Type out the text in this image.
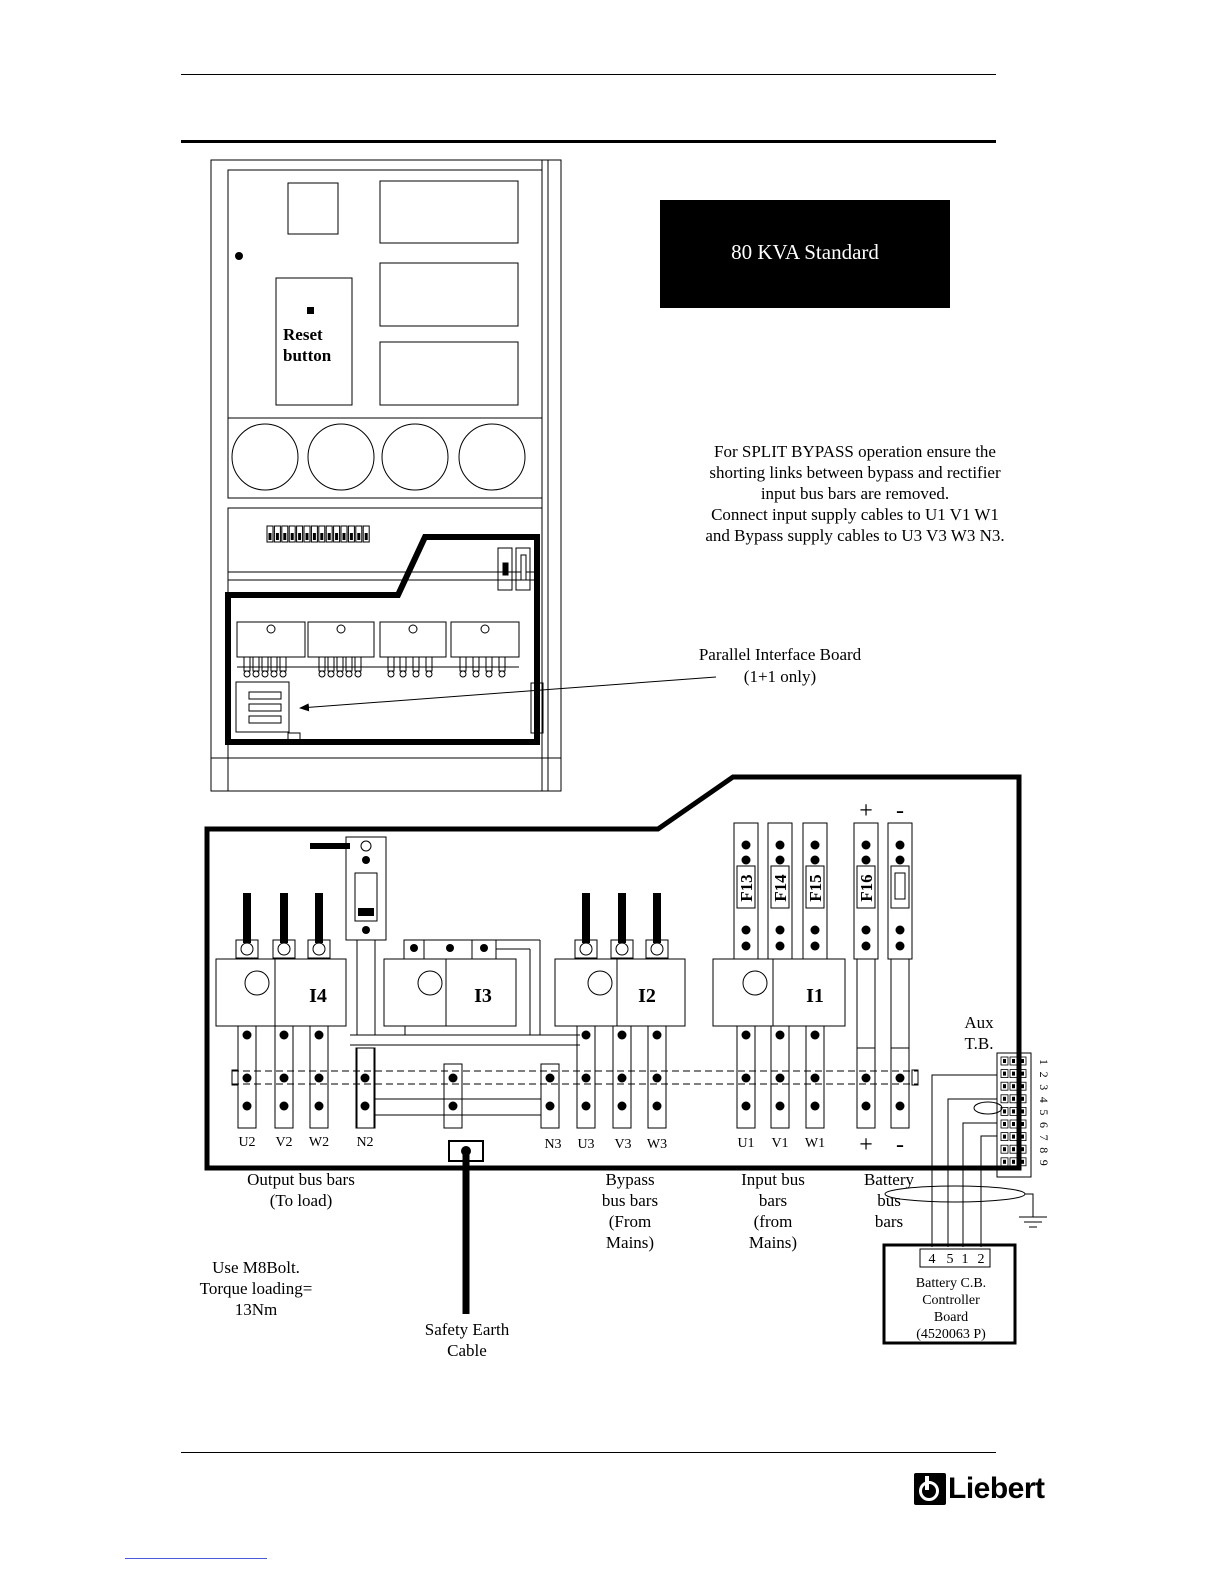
Reset
button
80 KVA Standard
For SPLIT BYPASS operation ensure the
shorting links between bypass and rectifier
input bus bars are removed.
Connect input supply cables to U1 V1 W1
and Bypass supply cables to U3 V3 W3 N3.
Parallel Interface Board
(1+1 only)
I4	I3	I2	I1
F13 F14 F15 F16
+ -
+ -
U2 V2 W2 N2	N3 U3 V3 W3	U1 V1 W1
Safety Earth
Cable
Output bus bars
(To load)
Bypass
bus bars
(From
Mains)
Input bus
bars
(from
Mains)
Battery
bus
bars
Use M8Bolt.
Torque loading=
13Nm
Aux
T.B.
1
2
3
4
5
6
7
8
9
4 5 1 2
Battery C.B.
Controller
Board
(4520063 P)
Liebert
